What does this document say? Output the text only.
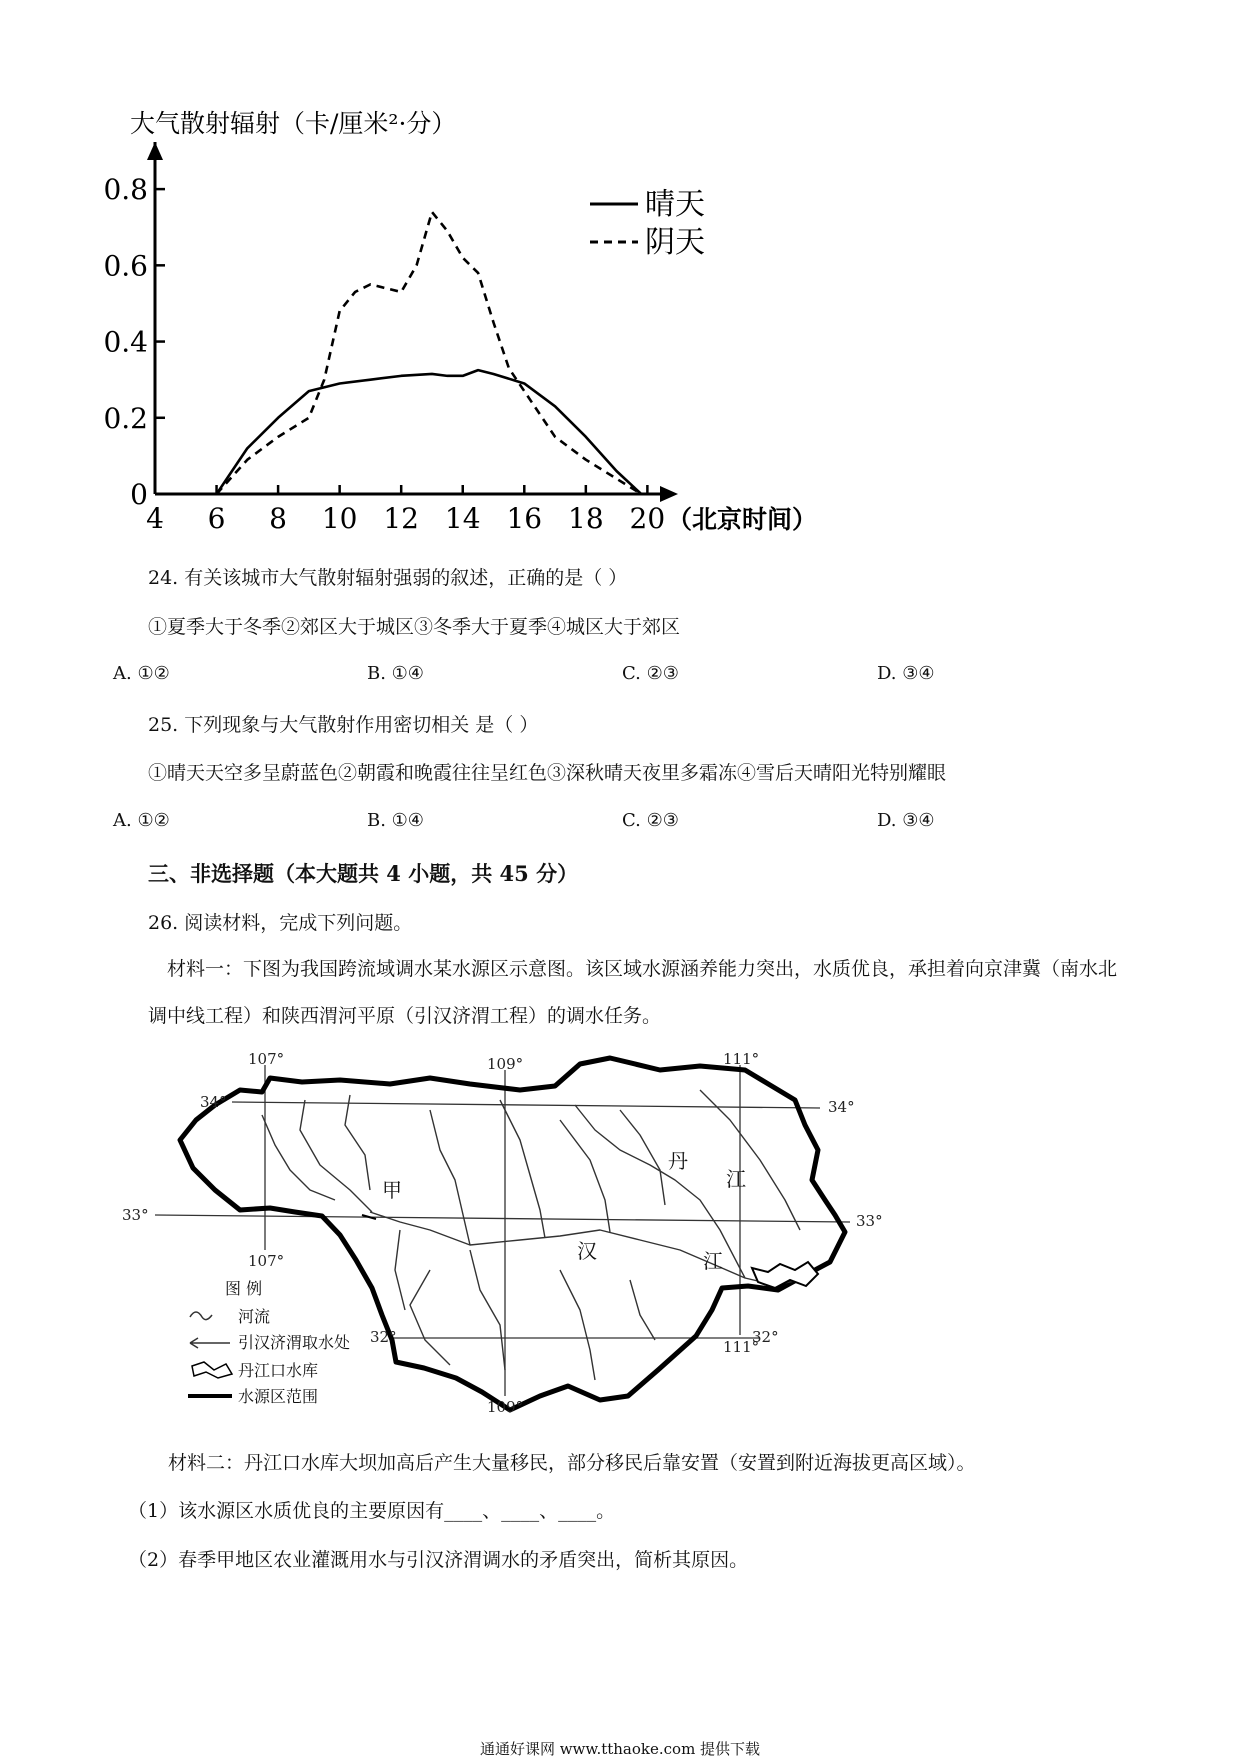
大气散射辐射（卡/厘米²·分）
4 6 8 10 12 14 16 18 20
0
0.2
0.4
0.6
0.8
（北京时间）
晴天
阴天
24. 有关该城市大气散射辐射强弱的叙述，正确的是（ ）
①夏季大于冬季②郊区大于城区③冬季大于夏季④城区大于郊区
A. ①②	B. ①④	C. ②③	D. ③④
25. 下列现象与大气散射作用密切相关 是（ ）
①晴天天空多呈蔚蓝色②朝霞和晚霞往往呈红色③深秋晴天夜里多霜冻④雪后天晴阳光特别耀眼
A. ①②	B. ①④	C. ②③	D. ③④
三、非选择题（本大题共 4 小题，共 45 分）
26. 阅读材料，完成下列问题。
材料一：下图为我国跨流域调水某水源区示意图。该区域水源涵养能力突出，水质优良，承担着向京津冀（南水北调中线工程）和陕西渭河平原（引汉济渭工程）的调水任务。
107°	109°	111°
107°
109°
111°
34°	34°
33°	33°
32°	32°
甲
丹
江
汉	江
图 例
河流
引汉济渭取水处
丹江口水库
水源区范围
材料二：丹江口水库大坝加高后产生大量移民，部分移民后靠安置（安置到附近海拔更高区域）。
（1）该水源区水质优良的主要原因有____、____、____。
（2）春季甲地区农业灌溉用水与引汉济渭调水的矛盾突出，简析其原因。
通通好课网 www.tthaoke.com 提供下载
